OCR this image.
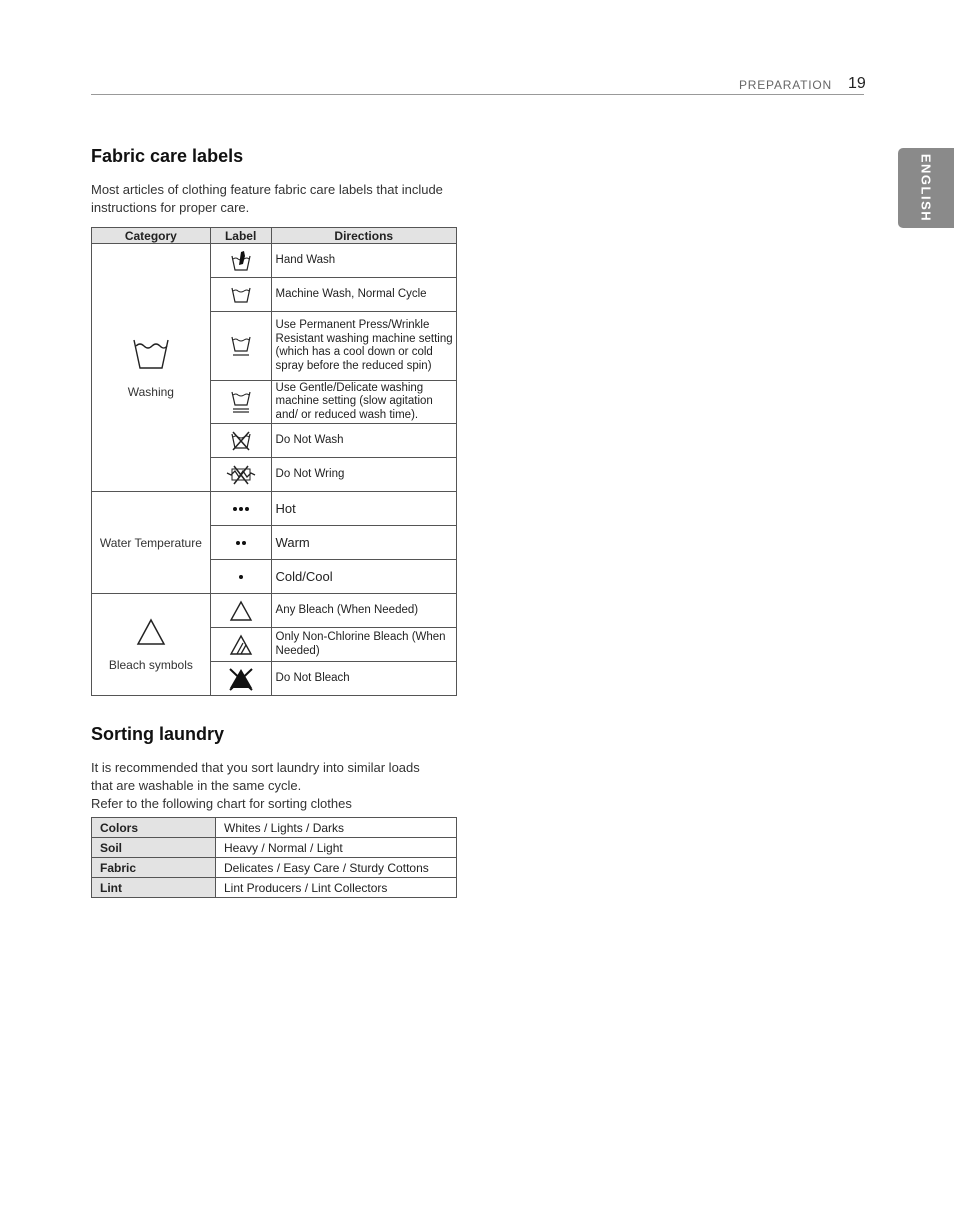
PREPARATION 19
ENGLISH
Fabric care labels

Most articles of clothing feature fabric care labels that include instructions for proper care.

Category	Label	Directions

Washing		Hand Wash

	Machine Wash, Normal Cycle

	Use Permanent Press/Wrinkle Resistant washing machine setting (which has a cool down or cold spray before the reduced spin)

	Use Gentle/Delicate washing machine setting (slow agitation and/ or reduced wash time).

	Do Not Wash

	Do Not Wring

Water Temperature		Hot

	Warm

	Cold/Cool

Bleach symbols		Any Bleach (When Needed)

	Only Non-Chlorine Bleach (When Needed)

	Do Not Bleach
Sorting laundry
It is recommended that you sort laundry into similar loads
that are washable in the same cycle.
Refer to the following chart for sorting clothes
Colors	Whites / Lights / Darks
Soil	Heavy / Normal / Light
Fabric	Delicates / Easy Care / Sturdy Cottons
Lint	Lint Producers / Lint Collectors
